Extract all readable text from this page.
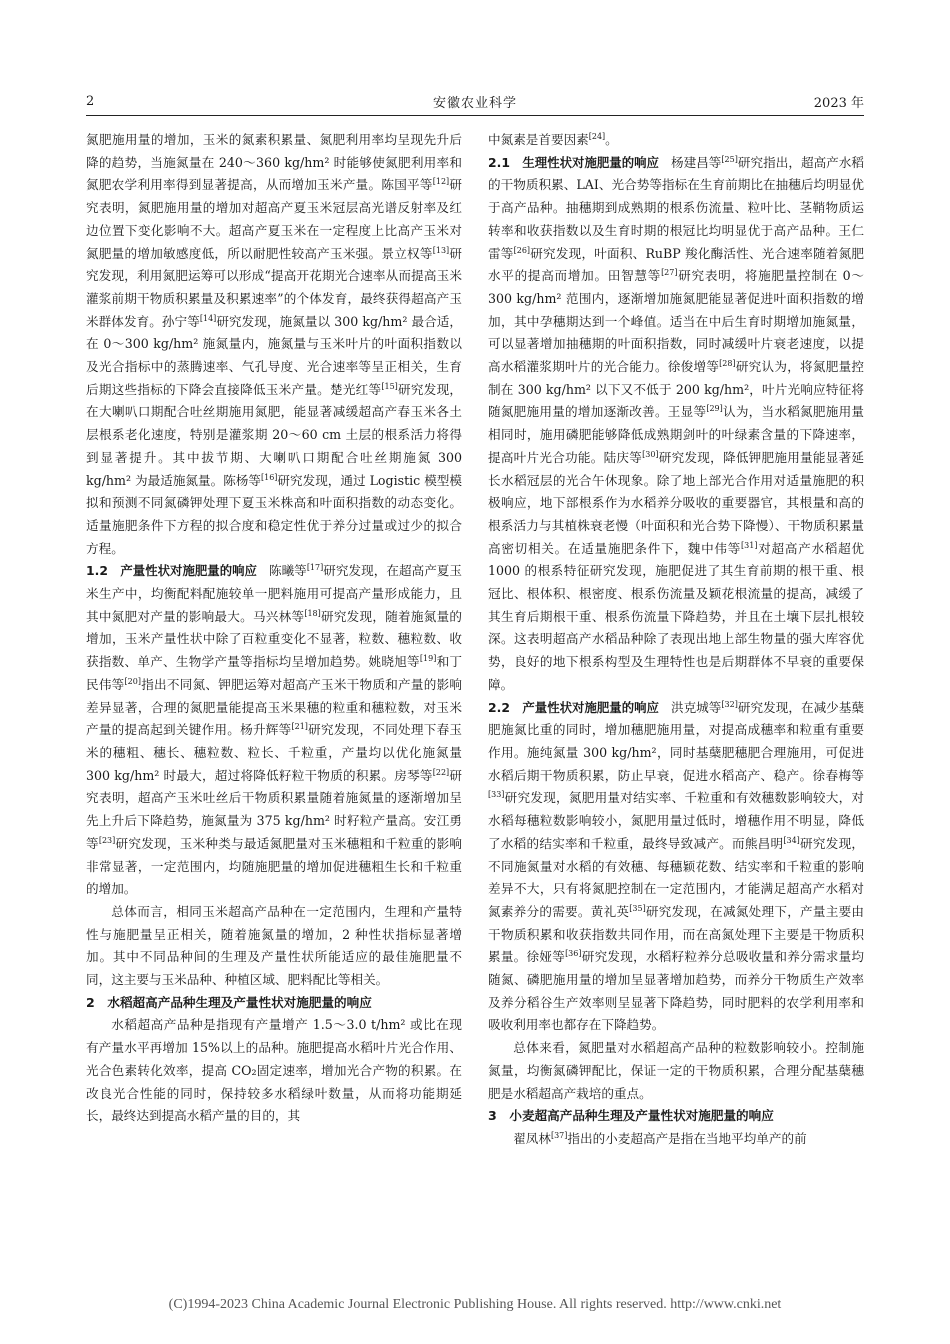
安徽农业科学
2	2023 年

氮肥施用量的增加，玉米的氮素积累量、氮肥利用率均呈现先升后降的趋势，当施氮量在 240～360 kg/hm² 时能够使氮肥利用率和氮肥农学利用率得到显著提高，从而增加玉米产量。陈国平等[12]研究表明，氮肥施用量的增加对超高产夏玉米冠层高光谱反射率及红边位置下变化影响不大。超高产夏玉米在一定程度上比高产玉米对氮肥量的增加敏感度低，所以耐肥性较高产玉米强。景立权等[13]研究发现，利用氮肥运筹可以形成“提高开花期光合速率从而提高玉米灌浆前期干物质积累量及积累速率”的个体发育，最终获得超高产玉米群体发育。孙宁等[14]研究发现，施氮量以 300 kg/hm² 最合适，在 0～300 kg/hm² 施氮量内，施氮量与玉米叶片的叶面积指数以及光合指标中的蒸腾速率、气孔导度、光合速率等呈正相关，生育后期这些指标的下降会直接降低玉米产量。楚光红等[15]研究发现，在大喇叭口期配合吐丝期施用氮肥，能显著减缓超高产春玉米各土层根系老化速度，特别是灌浆期 20～60 cm 土层的根系活力将得到显著提升。其中拔节期、大喇叭口期配合吐丝期施氮 300 kg/hm² 为最适施氮量。陈杨等[16]研究发现，通过 Logistic 模型模拟和预测不同氮磷钾处理下夏玉米株高和叶面积指数的动态变化。适量施肥条件下方程的拟合度和稳定性优于养分过量或过少的拟合方程。

1.2　产量性状对施肥量的响应 陈曦等[17]研究发现，在超高产夏玉米生产中，均衡配料配施较单一肥料施用可提高产量形成能力，且其中氮肥对产量的影响最大。马兴林等[18]研究发现，随着施氮量的增加，玉米产量性状中除了百粒重变化不显著，粒数、穗粒数、收获指数、单产、生物学产量等指标均呈增加趋势。姚晓旭等[19]和丁民伟等[20]指出不同氮、钾肥运筹对超高产玉米干物质和产量的影响差异显著，合理的氮肥量能提高玉米果穗的粒重和穗粒数，对玉米产量的提高起到关键作用。杨升辉等[21]研究发现，不同处理下春玉米的穗粗、穗长、穗粒数、粒长、千粒重，产量均以优化施氮量 300 kg/hm² 时最大，超过将降低籽粒干物质的积累。房琴等[22]研究表明，超高产玉米吐丝后干物质积累量随着施氮量的逐渐增加呈先上升后下降趋势，施氮量为 375 kg/hm² 时籽粒产量高。安江勇等[23]研究发现，玉米种类与最适氮肥量对玉米穗粗和千粒重的影响非常显著，一定范围内，均随施肥量的增加促进穗粗生长和千粒重的增加。

总体而言，相同玉米超高产品种在一定范围内，生理和产量特性与施肥量呈正相关，随着施氮量的增加，2 种性状指标显著增加。其中不同品种间的生理及产量性状所能适应的最佳施肥量不同，这主要与玉米品种、种植区域、肥料配比等相关。

2　水稻超高产品种生理及产量性状对施肥量的响应

水稻超高产品种是指现有产量增产 1.5～3.0 t/hm² 或比在现有产量水平再增加 15%以上的品种。施肥提高水稻叶片光合作用、光合色素转化效率，提高 CO₂固定速率，增加光合产物的积累。在改良光合性能的同时，保持较多水稻绿叶数量，从而将功能期延长，最终达到提高水稻产量的目的，其

中氮素是首要因素[24]。

2.1　生理性状对施肥量的响应 杨建昌等[25]研究指出，超高产水稻的干物质积累、LAI、光合势等指标在生育前期比在抽穗后均明显优于高产品种。抽穗期到成熟期的根系伤流量、粒叶比、茎鞘物质运转率和收获指数以及生育时期的根冠比均明显优于高产品种。王仁雷等[26]研究发现，叶面积、RuBP 羧化酶活性、光合速率随着氮肥水平的提高而增加。田智慧等[27]研究表明，将施肥量控制在 0～300 kg/hm² 范围内，逐渐增加施氮肥能显著促进叶面积指数的增加，其中孕穗期达到一个峰值。适当在中后生育时期增加施氮量，可以显著增加抽穗期的叶面积指数，同时减缓叶片衰老速度，以提高水稻灌浆期叶片的光合能力。徐俊增等[28]研究认为，将氮肥量控制在 300 kg/hm² 以下又不低于 200 kg/hm²，叶片光响应特征将随氮肥施用量的增加逐渐改善。王显等[29]认为，当水稻氮肥施用量相同时，施用磷肥能够降低成熟期剑叶的叶绿素含量的下降速率，提高叶片光合功能。陆庆等[30]研究发现，降低钾肥施用量能显著延长水稻冠层的光合午休现象。除了地上部光合作用对适量施肥的积极响应，地下部根系作为水稻养分吸收的重要器官，其根量和高的根系活力与其植株衰老慢（叶面积和光合势下降慢）、干物质积累量高密切相关。在适量施肥条件下，魏中伟等[31]对超高产水稻超优 1000 的根系特征研究发现，施肥促进了其生育前期的根干重、根冠比、根体积、根密度、根系伤流量及颖花根流量的提高，减缓了其生育后期根干重、根系伤流量下降趋势，并且在土壤下层扎根较深。这表明超高产水稻品种除了表现出地上部生物量的强大库容优势，良好的地下根系构型及生理特性也是后期群体不早衰的重要保障。

2.2　产量性状对施肥量的响应 洪克城等[32]研究发现，在减少基蘖肥施氮比重的同时，增加穗肥施用量，对提高成穗率和粒重有重要作用。施纯氮量 300 kg/hm²，同时基蘖肥穗肥合理施用，可促进水稻后期干物质积累，防止早衰，促进水稻高产、稳产。徐春梅等[33]研究发现，氮肥用量对结实率、千粒重和有效穗数影响较大，对水稻每穗粒数影响较小，氮肥用量过低时，增穗作用不明显，降低了水稻的结实率和千粒重，最终导致减产。而熊昌明[34]研究发现，不同施氮量对水稻的有效穗、每穗颖花数、结实率和千粒重的影响差异不大，只有将氮肥控制在一定范围内，才能满足超高产水稻对氮素养分的需要。黄礼英[35]研究发现，在减氮处理下，产量主要由干物质积累和收获指数共同作用，而在高氮处理下主要是干物质积累量。徐娅等[36]研究发现，水稻籽粒养分总吸收量和养分需求量均随氮、磷肥施用量的增加呈显著增加趋势，而养分干物质生产效率及养分稻谷生产效率则呈显著下降趋势，同时肥料的农学利用率和吸收利用率也都存在下降趋势。

总体来看，氮肥量对水稻超高产品种的粒数影响较小。控制施氮量，均衡氮磷钾配比，保证一定的干物质积累，合理分配基蘖穗肥是水稻超高产栽培的重点。

3　小麦超高产品种生理及产量性状对施肥量的响应

翟凤林[37]指出的小麦超高产是指在当地平均单产的前

(C)1994-2023 China Academic Journal Electronic Publishing House. All rights reserved. http://www.cnki.net
